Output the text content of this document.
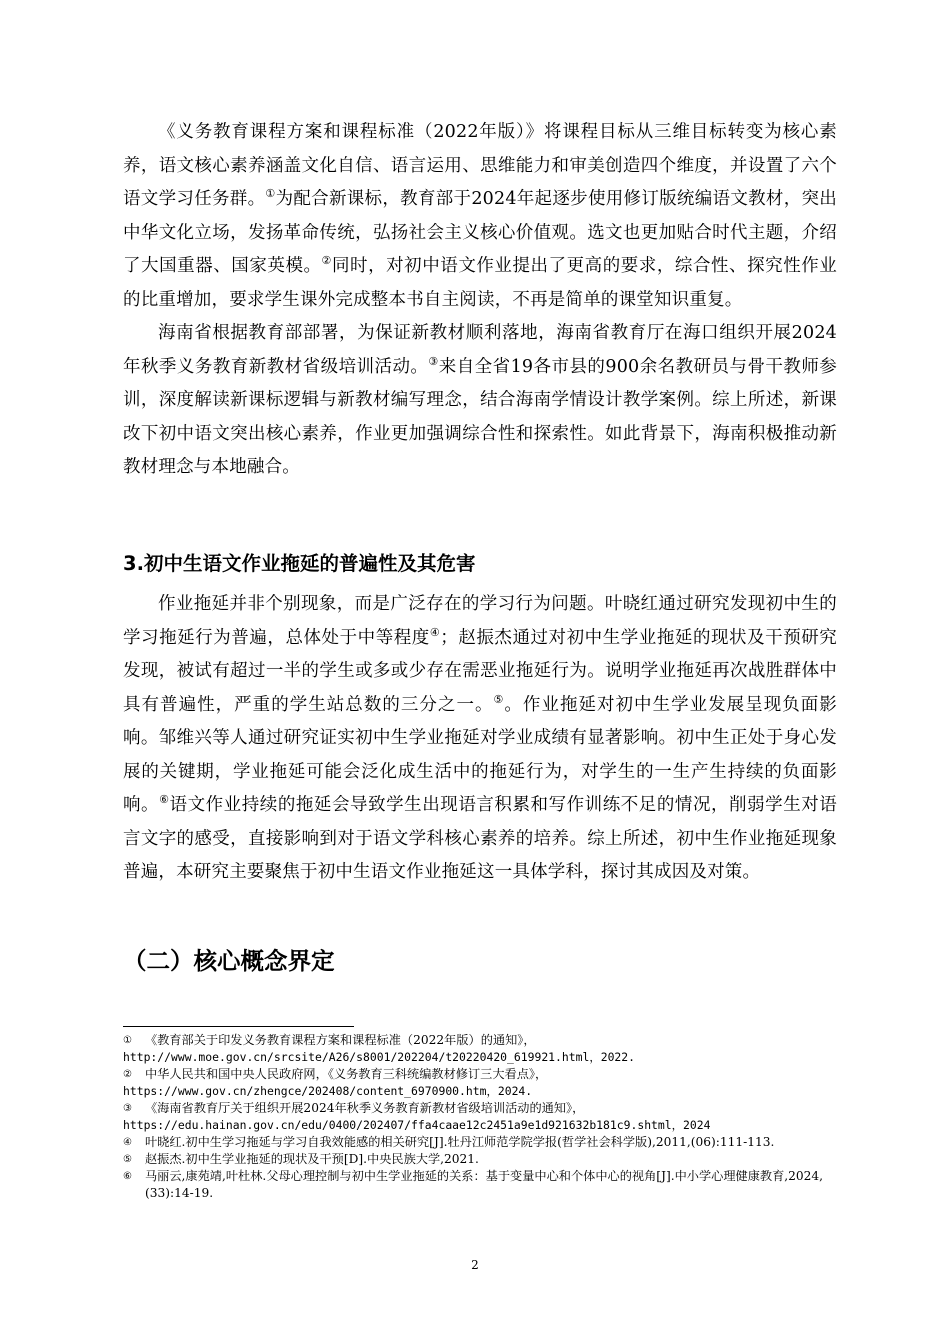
《义务教育课程方案和课程标准（2022年版）》将课程目标从三维目标转变为核心素养，语文核心素养涵盖文化自信、语言运用、思维能力和审美创造四个维度，并设置了六个语文学习任务群。①为配合新课标，教育部于2024年起逐步使用修订版统编语文教材，突出中华文化立场，发扬革命传统，弘扬社会主义核心价值观。选文也更加贴合时代主题，介绍了大国重器、国家英模。②同时，对初中语文作业提出了更高的要求，综合性、探究性作业的比重增加，要求学生课外完成整本书自主阅读，不再是简单的课堂知识重复。

海南省根据教育部部署，为保证新教材顺利落地，海南省教育厅在海口组织开展2024年秋季义务教育新教材省级培训活动。③来自全省19各市县的900余名教研员与骨干教师参训，深度解读新课标逻辑与新教材编写理念，结合海南学情设计教学案例。综上所述，新课改下初中语文突出核心素养，作业更加强调综合性和探索性。如此背景下，海南积极推动新教材理念与本地融合。

3.初中生语文作业拖延的普遍性及其危害

作业拖延并非个别现象，而是广泛存在的学习行为问题。叶晓红通过研究发现初中生的学习拖延行为普遍，总体处于中等程度④；赵振杰通过对初中生学业拖延的现状及干预研究发现，被试有超过一半的学生或多或少存在需恶业拖延行为。说明学业拖延再次战胜群体中具有普遍性，严重的学生站总数的三分之一。⑤。作业拖延对初中生学业发展呈现负面影响。邹维兴等人通过研究证实初中生学业拖延对学业成绩有显著影响。初中生正处于身心发展的关键期，学业拖延可能会泛化成生活中的拖延行为，对学生的一生产生持续的负面影响。⑥语文作业持续的拖延会导致学生出现语言积累和写作训练不足的情况，削弱学生对语言文字的感受，直接影响到对于语文学科核心素养的培养。综上所述，初中生作业拖延现象普遍，本研究主要聚焦于初中生语文作业拖延这一具体学科，探讨其成因及对策。

（二）核心概念界定
① 《教育部关于印发义务教育课程方案和课程标准（2022年版）的通知》，
http://www.moe.gov.cn/srcsite/A26/s8001/202204/t20220420_619921.html，2022.
② 中华人民共和国中央人民政府网，《义务教育三科统编教材修订三大看点》，
https://www.gov.cn/zhengce/202408/content_6970900.htm，2024.
③ 《海南省教育厅关于组织开展2024年秋季义务教育新教材省级培训活动的通知》，
https://edu.hainan.gov.cn/edu/0400/202407/ffa4caae12c2451a9e1d921632b181c9.shtml，2024
④ 叶晓红.初中生学习拖延与学习自我效能感的相关研究[J].牡丹江师范学院学报(哲学社会科学版),2011,(06):111-113.
⑤ 赵振杰.初中生学业拖延的现状及干预[D].中央民族大学,2021.
⑥ 马丽云,康苑靖,叶杜林.父母心理控制与初中生学业拖延的关系：基于变量中心和个体中心的视角[J].中小学心理健康教育,2024,(33):14-19.
2
